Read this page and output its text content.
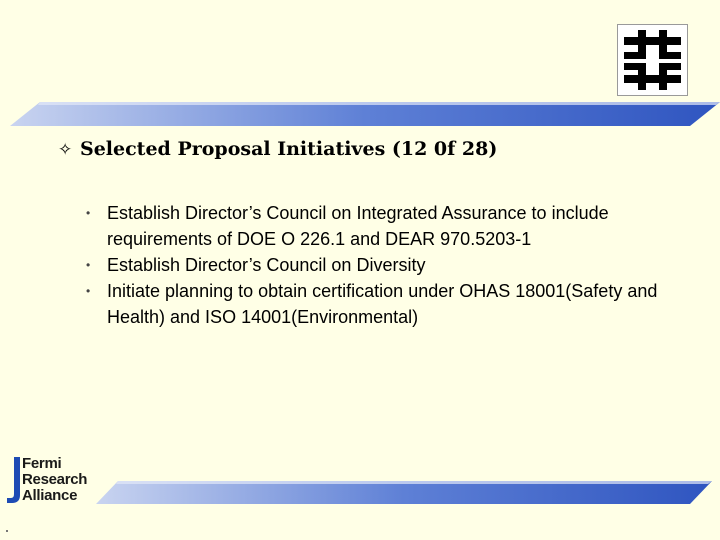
✧ Selected Proposal Initiatives (12 0f 28)
• Establish Director’s Council on Integrated Assurance to include requirements of DOE O 226.1 and DEAR 970.5203-1
• Establish Director’s Council on Diversity
• Initiate planning to obtain certification under OHAS 18001(Safety and Health) and ISO 14001(Environmental)
Fermi
Research
Alliance
